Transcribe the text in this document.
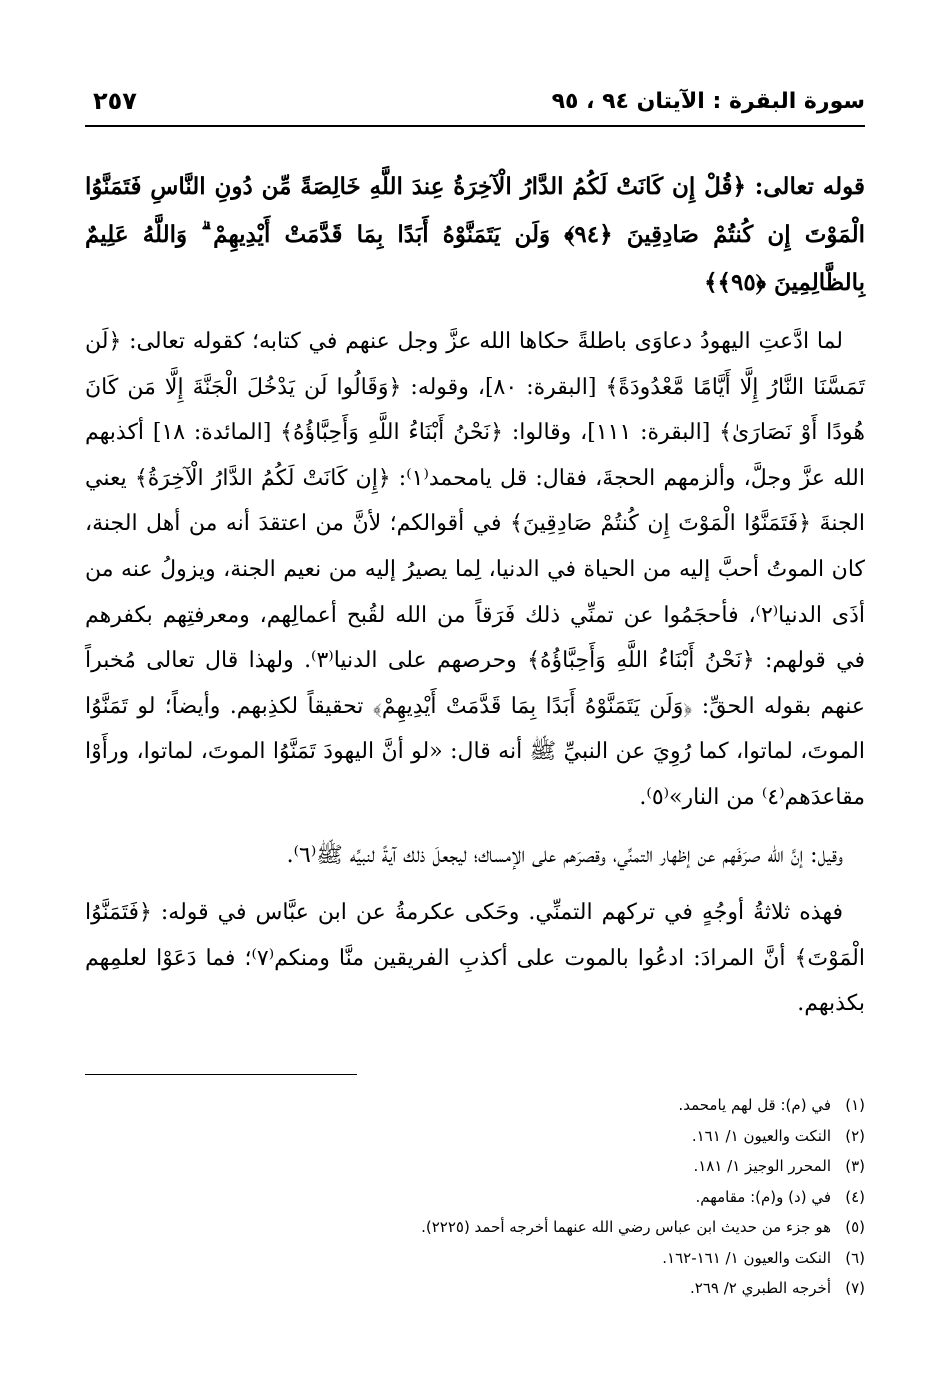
سورة البقرة : الآيتان ٩٤ ، ٩٥
٢٥٧

قوله تعالى: ﴿قُلْ إِن كَانَتْ لَكُمُ الدَّارُ الْآخِرَةُ عِندَ اللَّهِ خَالِصَةً مِّن دُونِ النَّاسِ فَتَمَنَّوُا الْمَوْتَ إِن كُنتُمْ صَادِقِينَ ﴿٩٤﴾ وَلَن يَتَمَنَّوْهُ أَبَدًا بِمَا قَدَّمَتْ أَيْدِيهِمْ ۗ وَاللَّهُ عَلِيمٌ بِالظَّالِمِينَ ﴿٩٥﴾﴾

لما ادَّعتِ اليهودُ دعاوَى باطلةً حكاها الله عزَّ وجل عنهم في كتابه؛ كقوله تعالى: ﴿لَن تَمَسَّنَا النَّارُ إِلَّا أَيَّامًا مَّعْدُودَةً﴾ [البقرة: ٨٠]، وقوله: ﴿وَقَالُوا لَن يَدْخُلَ الْجَنَّةَ إِلَّا مَن كَانَ هُودًا أَوْ نَصَارَىٰ﴾ [البقرة: ١١١]، وقالوا: ﴿نَحْنُ أَبْنَاءُ اللَّهِ وَأَحِبَّاؤُهُ﴾ [المائدة: ١٨] أكذبهم الله عزَّ وجلَّ، وألزمهم الحجةَ، فقال: قل يامحمد⁽١⁾: ﴿إِن كَانَتْ لَكُمُ الدَّارُ الْآخِرَةُ﴾ يعني الجنةَ ﴿فَتَمَنَّوُا الْمَوْتَ إِن كُنتُمْ صَادِقِينَ﴾ في أقوالكم؛ لأنَّ من اعتقدَ أنه من أهل الجنة، كان الموتُ أحبَّ إليه من الحياة في الدنيا، لِما يصيرُ إليه من نعيم الجنة، ويزولُ عنه من أذَى الدنيا⁽٢⁾، فأحجَمُوا عن تمنِّي ذلك فَرَقاً من الله لقُبح أعمالِهم، ومعرفتِهم بكفرهم في قولهم: ﴿نَحْنُ أَبْنَاءُ اللَّهِ وَأَحِبَّاؤُهُ﴾ وحرصهم على الدنيا⁽٣⁾. ولهذا قال تعالى مُخبراً عنهم بقوله الحقِّ: ﴿وَلَن يَتَمَنَّوْهُ أَبَدًا بِمَا قَدَّمَتْ أَيْدِيهِمْ﴾ تحقيقاً لكذِبهم. وأيضاً؛ لو تَمَنَّوُا الموتَ، لماتوا، كما رُوِيَ عن النبيِّ ﷺ أنه قال: «لو أنَّ اليهودَ تَمَنَّوُا الموتَ، لماتوا، ورأَوْا مقاعدَهم⁽٤⁾ من النار»⁽٥⁾.

وقيل: إنَّ الله صرَفَهم عن إظهار التمنِّي، وقصرَهم على الإمساك؛ ليجعلَ ذلك آيةً لنبيِّه ﷺ⁽٦⁾.

فهذه ثلاثةُ أوجُهٍ في تركهم التمنِّي. وحَكى عكرمةُ عن ابن عبَّاس في قوله: ﴿فَتَمَنَّوُا الْمَوْتَ﴾ أنَّ المرادَ: ادعُوا بالموت على أكذبِ الفريقين منَّا ومنكم⁽٧⁾؛ فما دَعَوْا لعلمِهم بكذبهم.

(١)في (م): قل لهم يامحمد.
(٢)النكت والعيون ١/ ١٦١.
(٣)المحرر الوجيز ١/ ١٨١.
(٤)في (د) و(م): مقامهم.
(٥)هو جزء من حديث ابن عباس رضي الله عنهما أخرجه أحمد (٢٢٢٥).
(٦)النكت والعيون ١/ ١٦١-١٦٢.
(٧)أخرجه الطبري ٢/ ٢٦٩.
